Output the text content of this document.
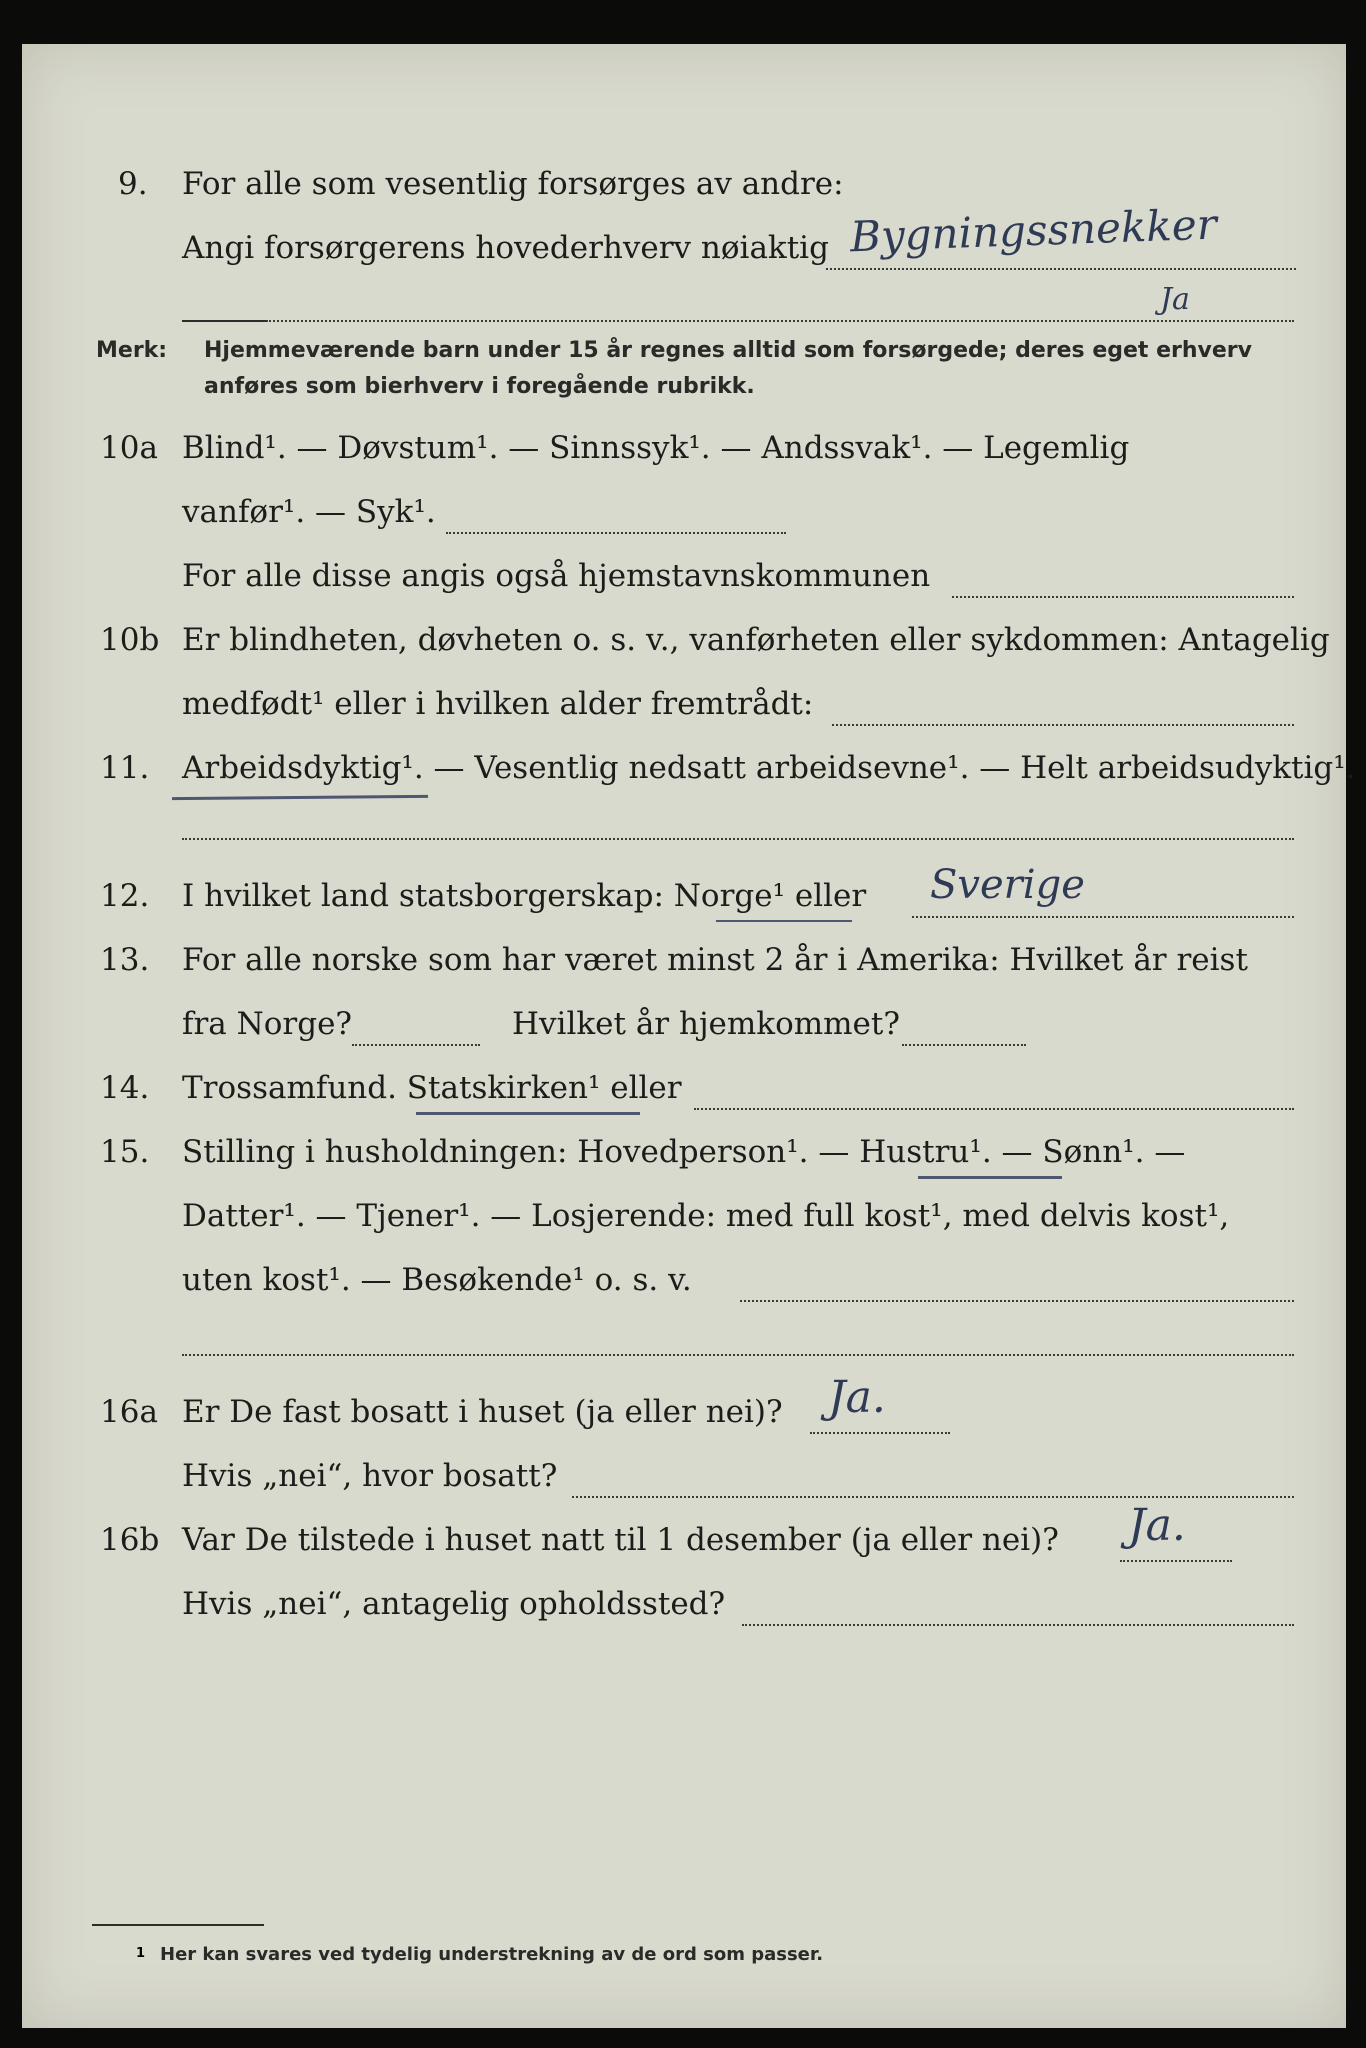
9. For alle som vesentlig forsørges av andre:
Angi forsørgerens hovederhverv nøiaktig Bygningssnekker
Ja
Merk: Hjemmeværende barn under 15 år regnes alltid som forsørgede; deres eget erhverv
anføres som bierhverv i foregående rubrikk.
10a Blind¹. — Døvstum¹. — Sinnssyk¹. — Andssvak¹. — Legemlig
vanfør¹. — Syk¹.
For alle disse angis også hjemstavnskommunen
10b Er blindheten, døvheten o. s. v., vanførheten eller sykdommen: Antagelig
medfødt¹ eller i hvilken alder fremtrådt:
11. Arbeidsdyktig¹. — Vesentlig nedsatt arbeidsevne¹. — Helt arbeidsudyktig¹.
12. I hvilket land statsborgerskap: Norge¹ eller Sverige
13. For alle norske som har været minst 2 år i Amerika: Hvilket år reist
fra Norge?	Hvilket år hjemkommet?
14. Trossamfund. Statskirken¹ eller
15. Stilling i husholdningen: Hovedperson¹. — Hustru¹. — Sønn¹. —
Datter¹. — Tjener¹. — Losjerende: med full kost¹, med delvis kost¹,
uten kost¹. — Besøkende¹ o. s. v.
16a Er De fast bosatt i huset (ja eller nei)? Ja.
Hvis „nei“, hvor bosatt?
16b Var De tilstede i huset natt til 1 desember (ja eller nei)? Ja.
Hvis „nei“, antagelig opholdssted?
1 Her kan svares ved tydelig understrekning av de ord som passer.
